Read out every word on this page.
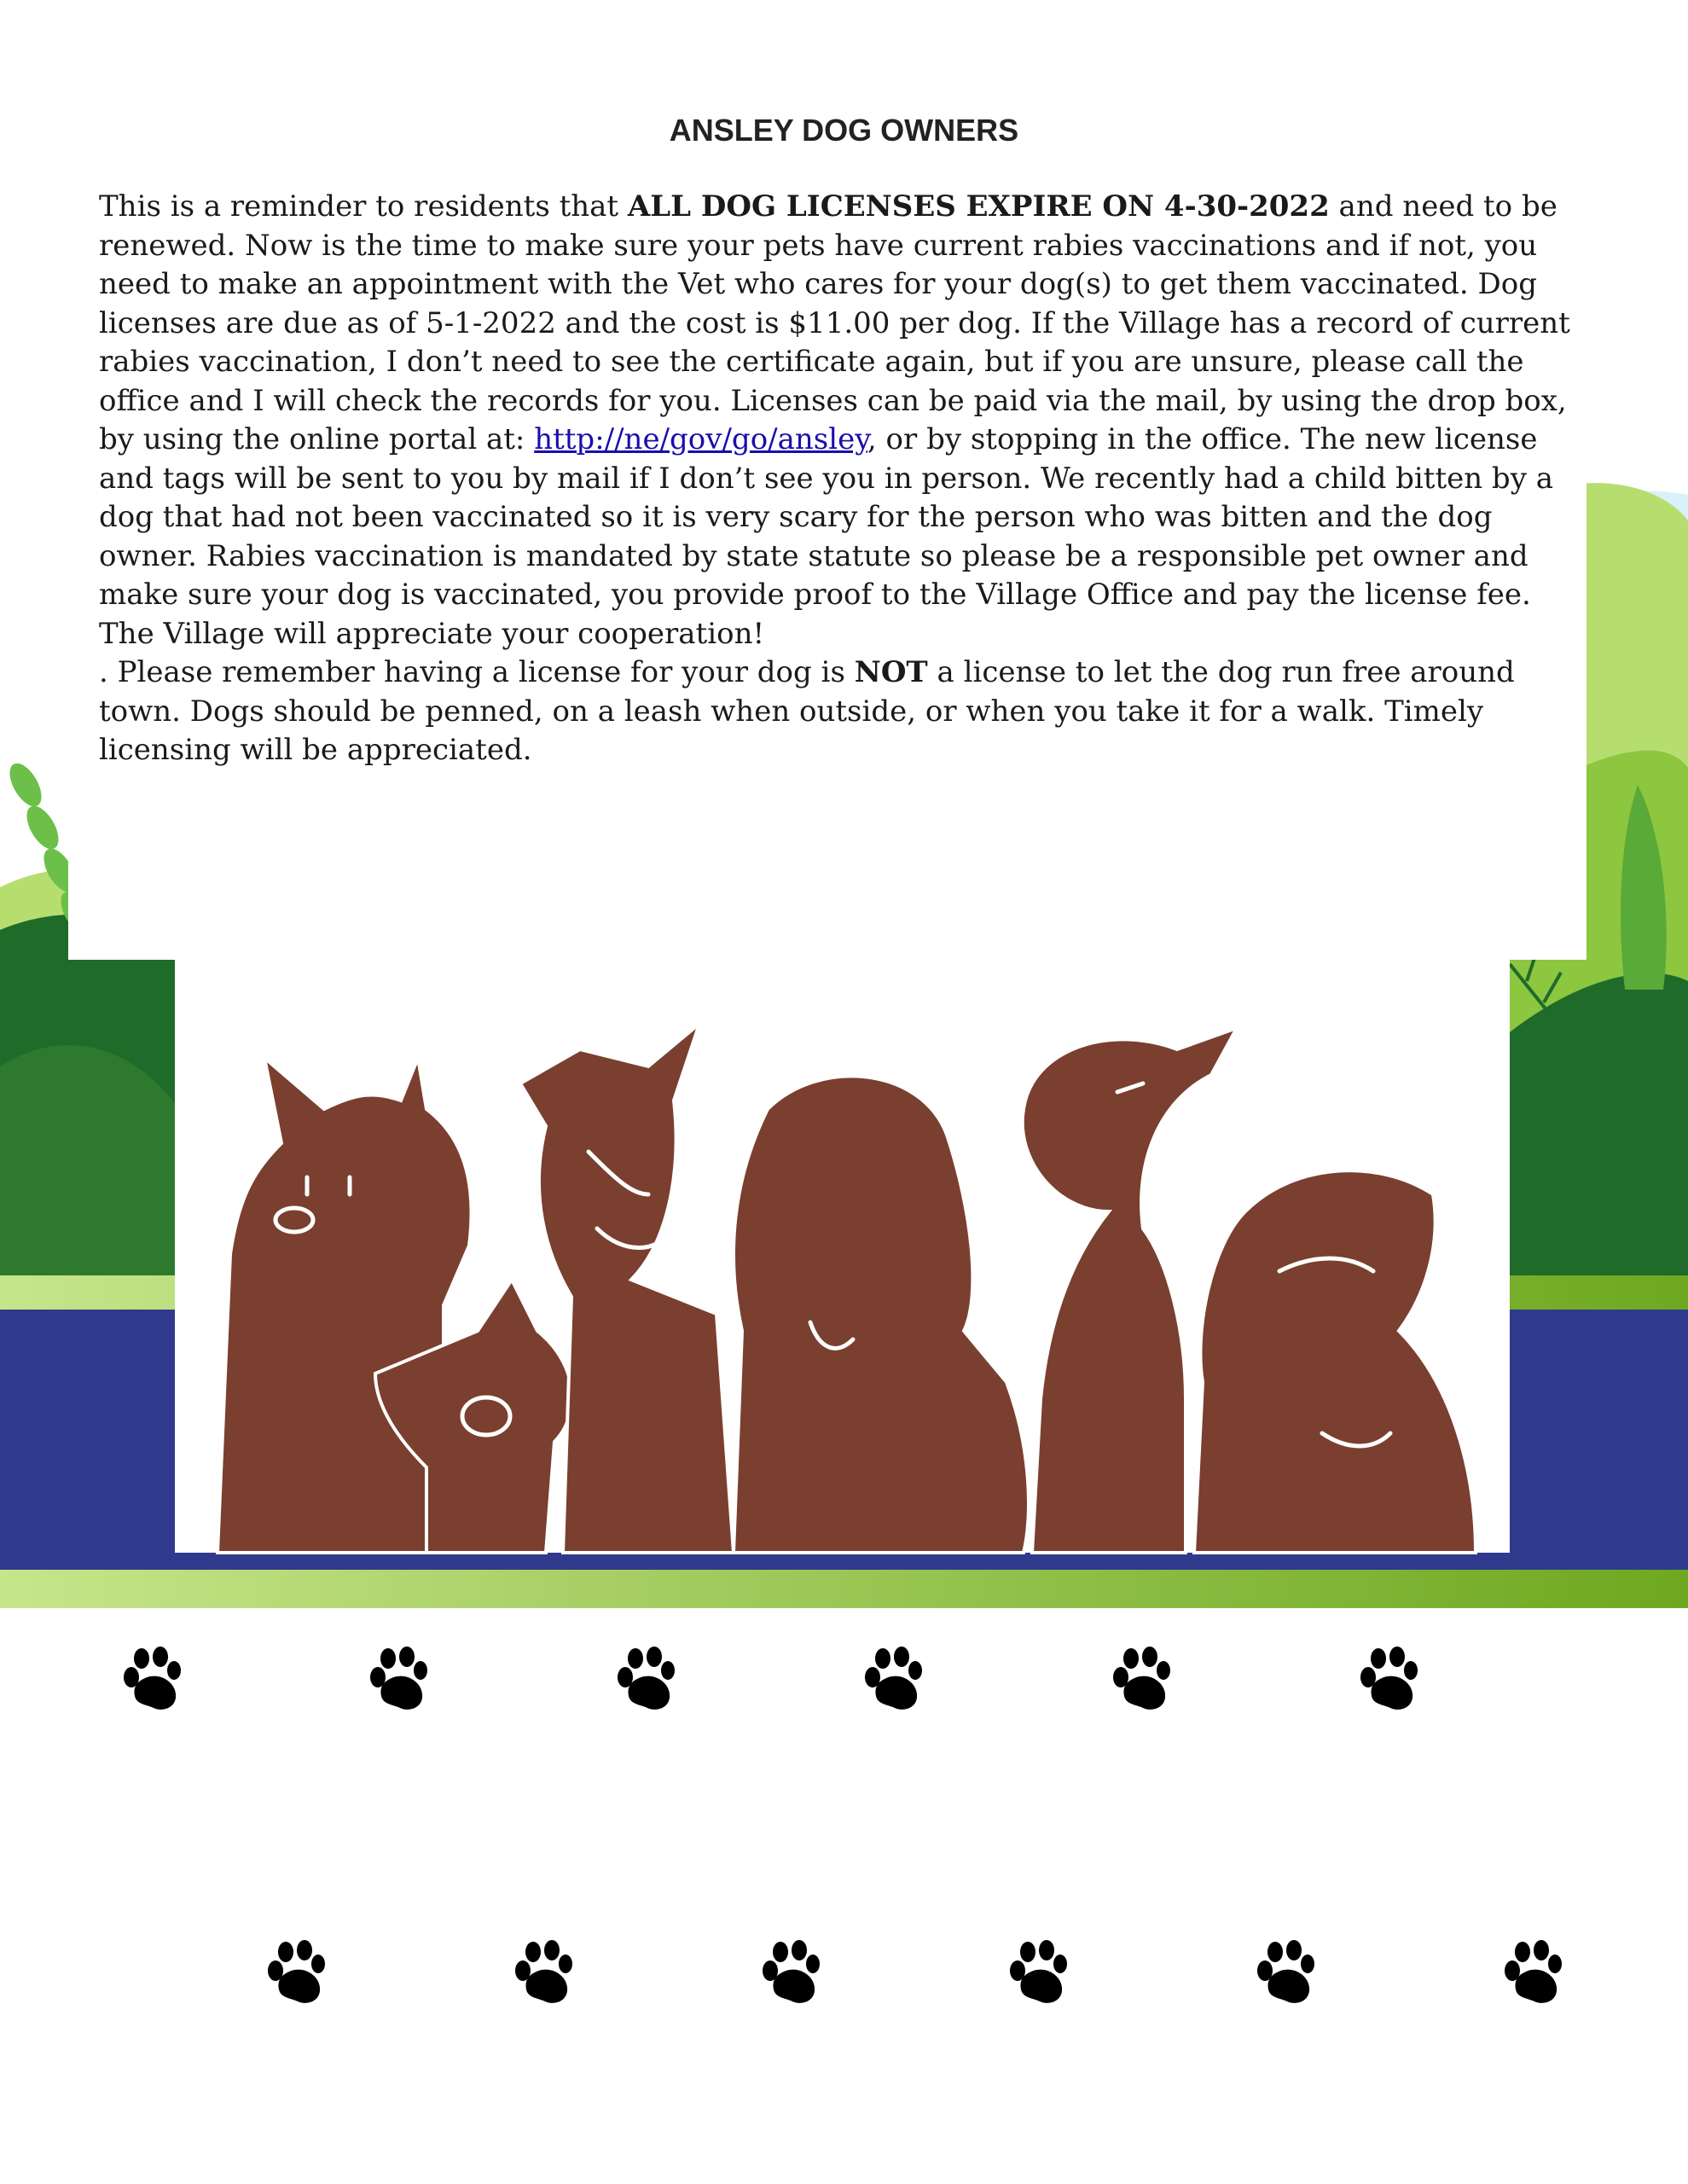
ANSLEY DOG OWNERS

This is a reminder to residents that ALL DOG LICENSES EXPIRE ON 4-30-2022 and need to be renewed. Now is the time to make sure your pets have current rabies vaccinations and if not, you need to make an appointment with the Vet who cares for your dog(s) to get them vaccinated. Dog licenses are due as of 5-1-2022 and the cost is $11.00 per dog. If the Village has a record of current rabies vaccination, I don’t need to see the certificate again, but if you are unsure, please call the office and I will check the records for you. Licenses can be paid via the mail, by using the drop box, by using the online portal at: http://ne/gov/go/ansley, or by stopping in the office. The new license and tags will be sent to you by mail if I don’t see you in person. We recently had a child bitten by a dog that had not been vaccinated so it is very scary for the person who was bitten and the dog owner. Rabies vaccination is mandated by state statute so please be a responsible pet owner and make sure your dog is vaccinated, you provide proof to the Village Office and pay the license fee. The Village will appreciate your cooperation!

. Please remember having a license for your dog is NOT a license to let the dog run free around town. Dogs should be penned, on a leash when outside, or when you take it for a walk. Timely licensing will be appreciated.
